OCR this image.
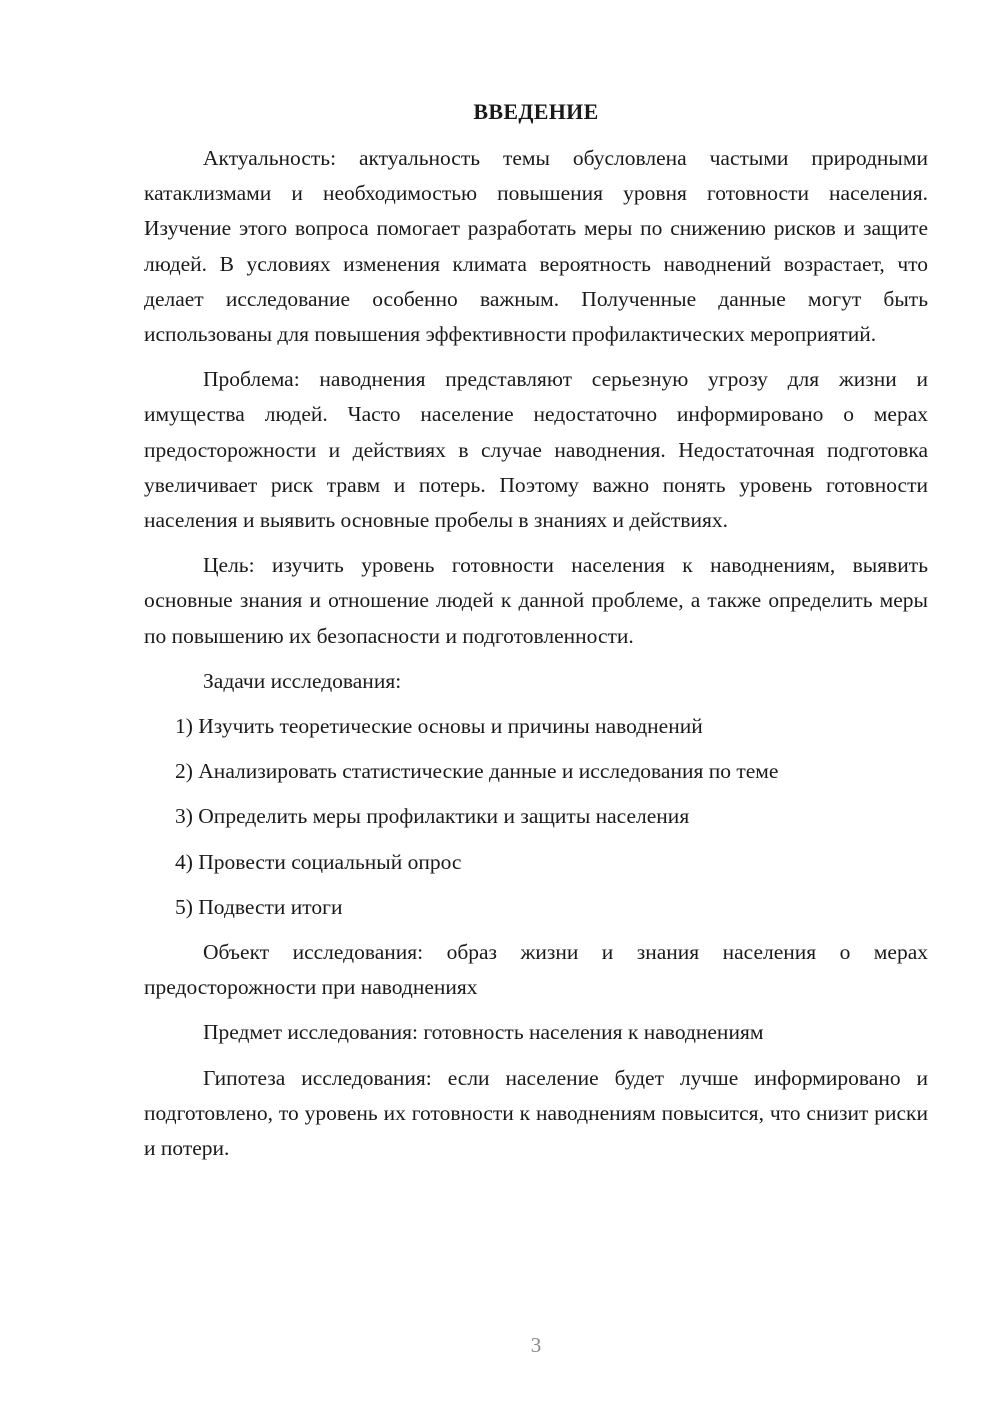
ВВЕДЕНИЕ

Актуальность: актуальность темы обусловлена частыми природными катаклизмами и необходимостью повышения уровня готовности населения. Изучение этого вопроса помогает разработать меры по снижению рисков и защите людей. В условиях изменения климата вероятность наводнений возрастает, что делает исследование особенно важным. Полученные данные могут быть использованы для повышения эффективности профилактических мероприятий.

Проблема: наводнения представляют серьезную угрозу для жизни и имущества людей. Часто население недостаточно информировано о мерах предосторожности и действиях в случае наводнения. Недостаточная подготовка увеличивает риск травм и потерь. Поэтому важно понять уровень готовности населения и выявить основные пробелы в знаниях и действиях.

Цель: изучить уровень готовности населения к наводнениям, выявить основные знания и отношение людей к данной проблеме, а также определить меры по повышению их безопасности и подготовленности.

Задачи исследования:
1) Изучить теоретические основы и причины наводнений
2) Анализировать статистические данные и исследования по теме
3) Определить меры профилактики и защиты населения
4) Провести социальный опрос
5) Подвести итоги

Объект исследования: образ жизни и знания населения о мерах предосторожности при наводнениях

Предмет исследования: готовность населения к наводнениям

Гипотеза исследования: если население будет лучше информировано и подготовлено, то уровень их готовности к наводнениям повысится, что снизит риски и потери.

3
